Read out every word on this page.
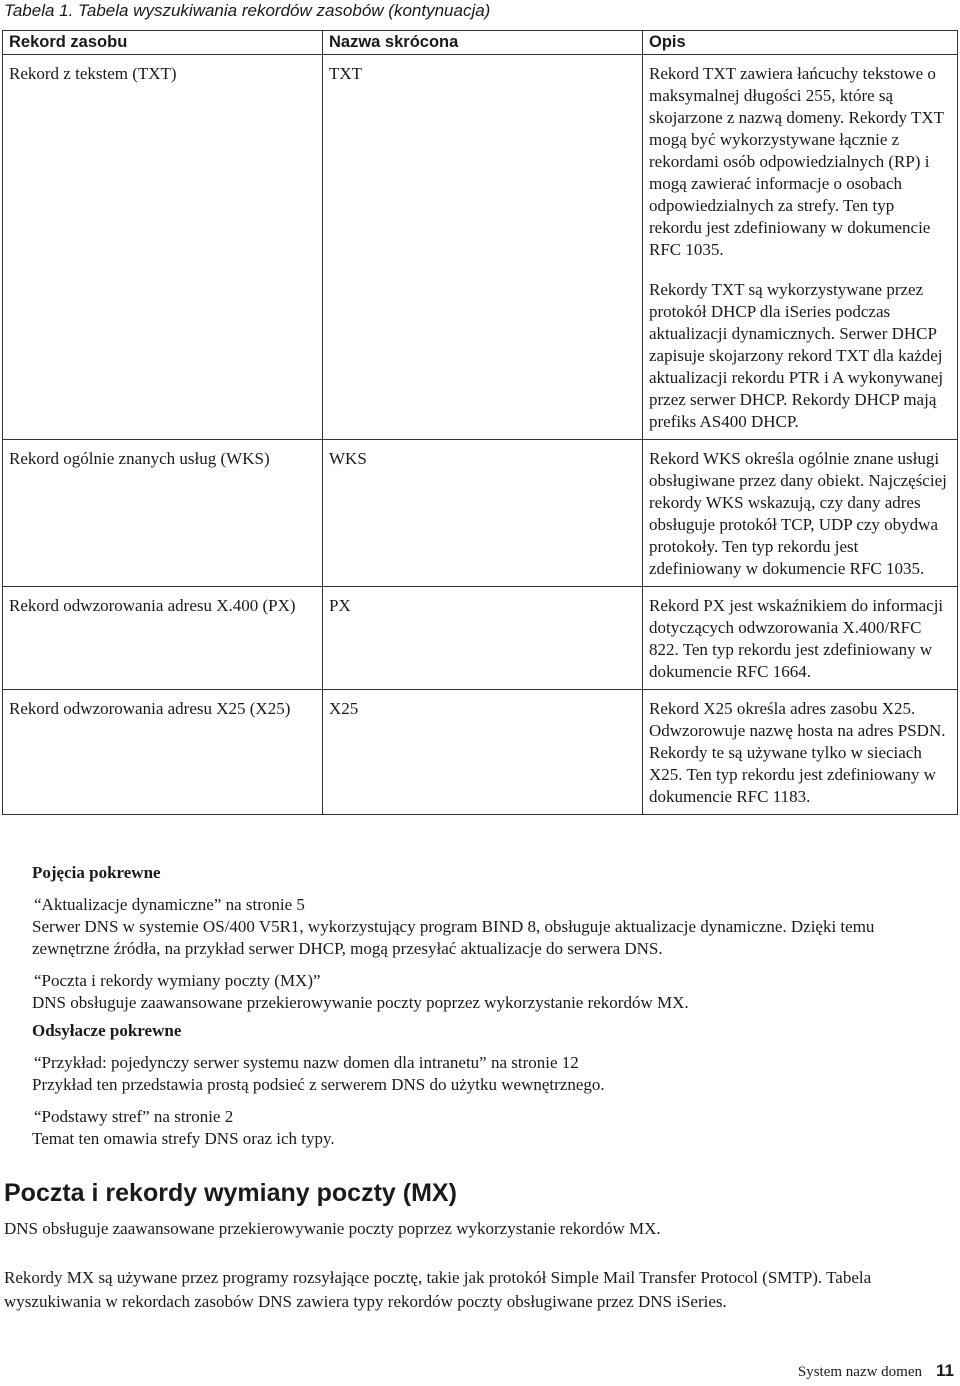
Tabela 1. Tabela wyszukiwania rekordów zasobów (kontynuacja)
Rekord zasobu	Nazwa skrócona	Opis
Rekord z tekstem (TXT)	TXT	Rekord TXT zawiera łańcuchy tekstowe o maksymalnej długości 255, które są skojarzone z nazwą domeny. Rekordy TXT mogą być wykorzystywane łącznie z rekordami osób odpowiedzialnych (RP) i mogą zawierać informacje o osobach odpowiedzialnych za strefy. Ten typ rekordu jest zdefiniowany w dokumencie RFC 1035.

Rekordy TXT są wykorzystywane przez protokół DHCP dla iSeries podczas aktualizacji dynamicznych. Serwer DHCP zapisuje skojarzony rekord TXT dla każdej aktualizacji rekordu PTR i A wykonywanej przez serwer DHCP. Rekordy DHCP mają prefiks AS400 DHCP.

Rekord ogólnie znanych usług (WKS)	WKS	Rekord WKS określa ogólnie znane usługi obsługiwane przez dany obiekt. Najczęściej rekordy WKS wskazują, czy dany adres obsługuje protokół TCP, UDP czy obydwa protokoły. Ten typ rekordu jest zdefiniowany w dokumencie RFC 1035.

Rekord odwzorowania adresu X.400 (PX)	PX	Rekord PX jest wskaźnikiem do informacji dotyczących odwzorowania X.400/RFC 822. Ten typ rekordu jest zdefiniowany w dokumencie RFC 1664.

Rekord odwzorowania adresu X25 (X25)	X25	Rekord X25 określa adres zasobu X25. Odwzorowuje nazwę hosta na adres PSDN. Rekordy te są używane tylko w sieciach X25. Ten typ rekordu jest zdefiniowany w dokumencie RFC 1183.

Pojęcia pokrewne

“Aktualizacje dynamiczne” na stronie 5

Serwer DNS w systemie OS/400 V5R1, wykorzystujący program BIND 8, obsługuje aktualizacje dynamiczne. Dzięki temu zewnętrzne źródła, na przykład serwer DHCP, mogą przesyłać aktualizacje do serwera DNS.

“Poczta i rekordy wymiany poczty (MX)”

DNS obsługuje zaawansowane przekierowywanie poczty poprzez wykorzystanie rekordów MX.

Odsyłacze pokrewne

“Przykład: pojedynczy serwer systemu nazw domen dla intranetu” na stronie 12

Przykład ten przedstawia prostą podsieć z serwerem DNS do użytku wewnętrznego.

“Podstawy stref” na stronie 2

Temat ten omawia strefy DNS oraz ich typy.

Poczta i rekordy wymiany poczty (MX)

DNS obsługuje zaawansowane przekierowywanie poczty poprzez wykorzystanie rekordów MX.

Rekordy MX są używane przez programy rozsyłające pocztę, takie jak protokół Simple Mail Transfer Protocol (SMTP). Tabela wyszukiwania w rekordach zasobów DNS zawiera typy rekordów poczty obsługiwane przez DNS iSeries.

System nazw domen 11
